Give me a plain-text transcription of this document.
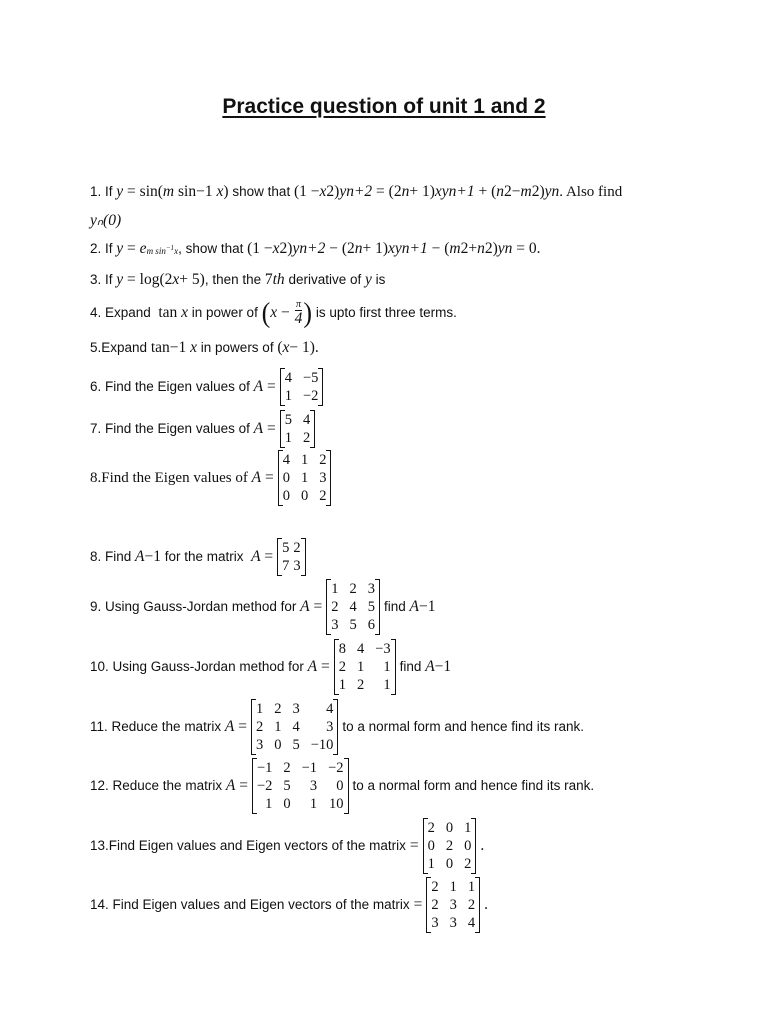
Practice question of unit 1 and 2
1. If
y = sin( m sin −1 x ) show that
(1 − x 2 ) y n+2 = (2 n + 1) xy n+1 + ( n 2 − m 2 ) y n . Also find
yₙ(0)
2. If
y = e m $\sin^{-1}x$ , show that
(1 − x 2 ) y n+2 − (2 n + 1) xy n+1 − ( m 2 + n 2 ) y n = 0.
3. If
y = log(2 x + 5) , then the
7 th
derivative of
y
is
4. Expand
tan x
in power of
( $x - \frac{\pi}{4}$ )
is upto first three terms.
5.Expand
tan −1 x
in powers of
( x − 1).
6. Find the Eigen values of
A = 4 −5
1 −2
7. Find the Eigen values of
A = 5 4
1 2
8.Find the Eigen values of
A =
4 1 2
0 1 3
0 0 2
8. Find
A −1
for the matrix
A = 5 2
7 3
9. Using Gauss-Jordan method for
A =
1 2 3
2 4 5
3 5 6
find
A −1
10. Using Gauss-Jordan method for
A =
8 4 −3
2 1	1
1 2	1
find
A −1
11. Reduce the matrix
A =
1 2 3	4
2 1 4	3
3 0 5 −10
to a normal form and hence find its rank.
12. Reduce the matrix
A =
−1 2 −1 −2
−2 5	3	0
1 0	1 10
to a normal form and hence find its rank.
13.Find Eigen values and Eigen vectors of the matrix =
2 0 1
0 2 0
1 0 2
.
14. Find Eigen values and Eigen vectors of the matrix =
2 1 1
2 3 2
3 3 4
.
